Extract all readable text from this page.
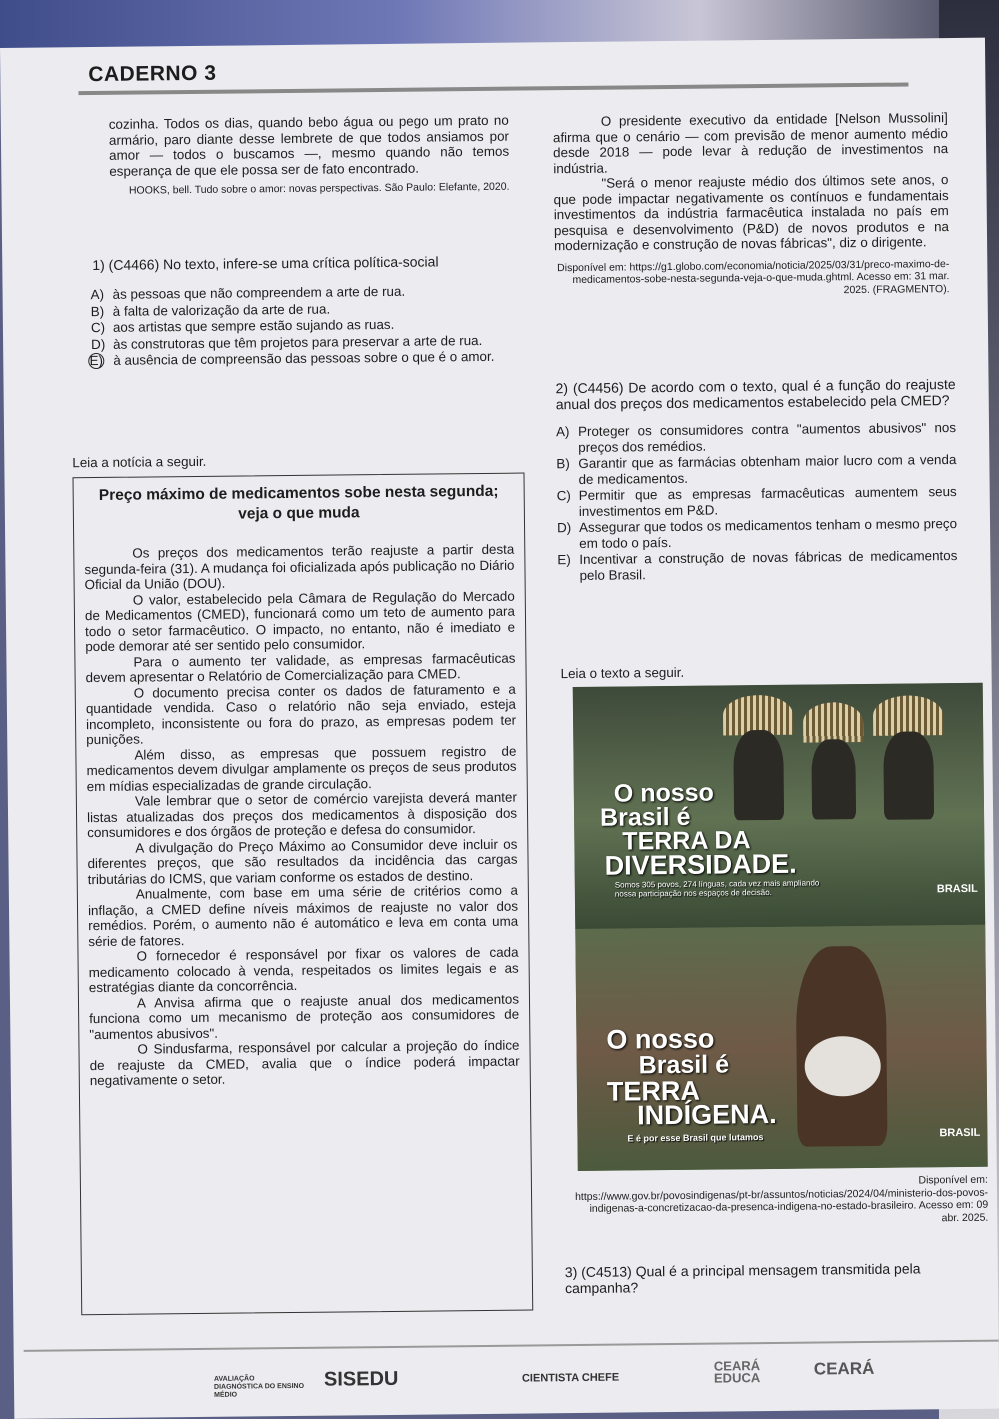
CADERNO 3

cozinha. Todos os dias, quando bebo água ou pego um prato no armário, paro diante desse lembrete de que todos ansiamos por amor — todos o buscamos —, mesmo quando não temos esperança de que ele possa ser de fato encontrado.

HOOKS, bell. Tudo sobre o amor: novas perspectivas. São Paulo: Elefante, 2020.

1) (C4466) No texto, infere-se uma crítica política-social

A) às pessoas que não compreendem a arte de rua.
B) à falta de valorização da arte de rua.
C) aos artistas que sempre estão sujando as ruas.
D) às construtoras que têm projetos para preservar a arte de rua.
E) à ausência de compreensão das pessoas sobre o que é o amor.
Leia a notícia a seguir.
Preço máximo de medicamentos sobe nesta segunda; veja o que muda

Os preços dos medicamentos terão reajuste a partir desta segunda-feira (31). A mudança foi oficializada após publicação no Diário Oficial da União (DOU).

O valor, estabelecido pela Câmara de Regulação do Mercado de Medicamentos (CMED), funcionará como um teto de aumento para todo o setor farmacêutico. O impacto, no entanto, não é imediato e pode demorar até ser sentido pelo consumidor.

Para o aumento ter validade, as empresas farmacêuticas devem apresentar o Relatório de Comercialização para CMED.

O documento precisa conter os dados de faturamento e a quantidade vendida. Caso o relatório não seja enviado, esteja incompleto, inconsistente ou fora do prazo, as empresas podem ter punições.

Além disso, as empresas que possuem registro de medicamentos devem divulgar amplamente os preços de seus produtos em mídias especializadas de grande circulação.

Vale lembrar que o setor de comércio varejista deverá manter listas atualizadas dos preços dos medicamentos à disposição dos consumidores e dos órgãos de proteção e defesa do consumidor.

A divulgação do Preço Máximo ao Consumidor deve incluir os diferentes preços, que são resultados da incidência das cargas tributárias do ICMS, que variam conforme os estados de destino.

Anualmente, com base em uma série de critérios como a inflação, a CMED define níveis máximos de reajuste no valor dos remédios. Porém, o aumento não é automático e leva em conta uma série de fatores.

O fornecedor é responsável por fixar os valores de cada medicamento colocado à venda, respeitados os limites legais e as estratégias diante da concorrência.

A Anvisa afirma que o reajuste anual dos medicamentos funciona como um mecanismo de proteção aos consumidores de "aumentos abusivos".

O Sindusfarma, responsável por calcular a projeção do índice de reajuste da CMED, avalia que o índice poderá impactar negativamente o setor.

O presidente executivo da entidade [Nelson Mussolini] afirma que o cenário — com previsão de menor aumento médio desde 2018 — pode levar à redução de investimentos na indústria.

"Será o menor reajuste médio dos últimos sete anos, o que pode impactar negativamente os contínuos e fundamentais investimentos da indústria farmacêutica instalada no país em pesquisa e desenvolvimento (P&D) de novos produtos e na modernização e construção de novas fábricas", diz o dirigente.

Disponível em: https://g1.globo.com/economia/noticia/2025/03/31/preco-maximo-de-medicamentos-sobe-nesta-segunda-veja-o-que-muda.ghtml. Acesso em: 31 mar. 2025. (FRAGMENTO).

2) (C4456) De acordo com o texto, qual é a função do reajuste anual dos preços dos medicamentos estabelecido pela CMED?

A) Proteger os consumidores contra "aumentos abusivos" nos preços dos remédios.
B) Garantir que as farmácias obtenham maior lucro com a venda de medicamentos.
C) Permitir que as empresas farmacêuticas aumentem seus investimentos em P&D.
D) Assegurar que todos os medicamentos tenham o mesmo preço em todo o país.
E) Incentivar a construção de novas fábricas de medicamentos pelo Brasil.
Leia o texto a seguir.
O nosso
Brasil é
TERRA DA
DIVERSIDADE.
Somos 305 povos, 274 línguas, cada vez mais ampliando nossa participação nos espaços de decisão.	BRASIL
O nosso
Brasil é
TERRA
INDÍGENA.
E é por esse Brasil que lutamos	BRASIL

Disponível em:

https://www.gov.br/povosindigenas/pt-br/assuntos/noticias/2024/04/ministerio-dos-povos-indigenas-a-concretizacao-da-presenca-indigena-no-estado-brasileiro. Acesso em: 09 abr. 2025.

3) (C4513) Qual é a principal mensagem transmitida pela campanha?

AVALIAÇÃO DIAGNÓSTICA DO ENSINO MÉDIO
SISEDU	CIENTISTA CHEFE
CEARÁ EDUCA	CEARÁ
